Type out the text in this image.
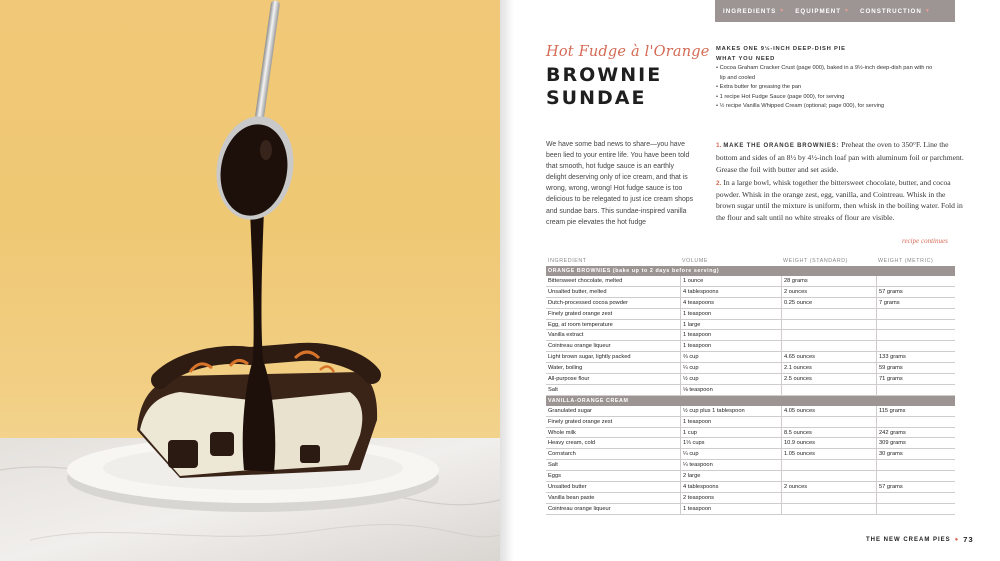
INGREDIENTS ▼ EQUIPMENT ▼ CONSTRUCTION ▼
Hot Fudge à l'Orange
BROWNIE
SUNDAE
MAKES ONE 9½-INCH DEEP-DISH PIE
WHAT YOU NEED
• Cocoa Graham Cracker Crust (page 000), baked in a 9½-inch deep-dish pan with no
lip and cooled
• Extra butter for greasing the pan
• 1 recipe Hot Fudge Sauce (page 000), for serving
• ½ recipe Vanilla Whipped Cream (optional; page 000), for serving
We have some bad news to share—you have been lied to your entire life. You have been told that smooth, hot fudge sauce is an earthly delight deserving only of ice cream, and that is wrong, wrong, wrong! Hot fudge sauce is too delicious to be relegated to just ice cream shops and sundae bars. This sundae-inspired vanilla cream pie elevates the hot fudge

1. MAKE THE ORANGE BROWNIES: Preheat the oven to 350°F. Line the bottom and sides of an 8½ by 4½-inch loaf pan with aluminum foil or parchment. Grease the foil with butter and set aside.

2. In a large bowl, whisk together the bittersweet chocolate, butter, and cocoa powder. Whisk in the orange zest, egg, vanilla, and Cointreau. Whisk in the brown sugar until the mixture is uniform, then whisk in the boiling water. Fold in the flour and salt until no white streaks of flour are visible.

recipe continues
INGREDIENT	VOLUME	WEIGHT (STANDARD)	WEIGHT (METRIC)
ORANGE BROWNIES (bake up to 2 days before serving)
Bittersweet chocolate, melted	1 ounce	28 grams
Unsalted butter, melted	4 tablespoons	2 ounces	57 grams
Dutch-processed cocoa powder	4 teaspoons	0.25 ounce	7 grams
Finely grated orange zest	1 teaspoon
Egg, at room temperature	1 large
Vanilla extract	1 teaspoon
Cointreau orange liqueur	1 teaspoon
Light brown sugar, lightly packed	⅔ cup	4.65 ounces	133 grams
Water, boiling	¼ cup	2.1 ounces	59 grams
All-purpose flour	½ cup	2.5 ounces	71 grams
Salt	⅛ teaspoon
VANILLA-ORANGE CREAM
Granulated sugar	½ cup plus 1 tablespoon	4.05 ounces	115 grams
Finely grated orange zest	1 teaspoon
Whole milk	1 cup	8.5 ounces	242 grams
Heavy cream, cold	1⅓ cups	10.9 ounces	309 grams
Cornstarch	¼ cup	1.05 ounces	30 grams
Salt	¼ teaspoon
Eggs	2 large
Unsalted butter	4 tablespoons	2 ounces	57 grams
Vanilla bean paste	2 teaspoons
Cointreau orange liqueur	1 teaspoon
THE NEW CREAM PIES ● 73
